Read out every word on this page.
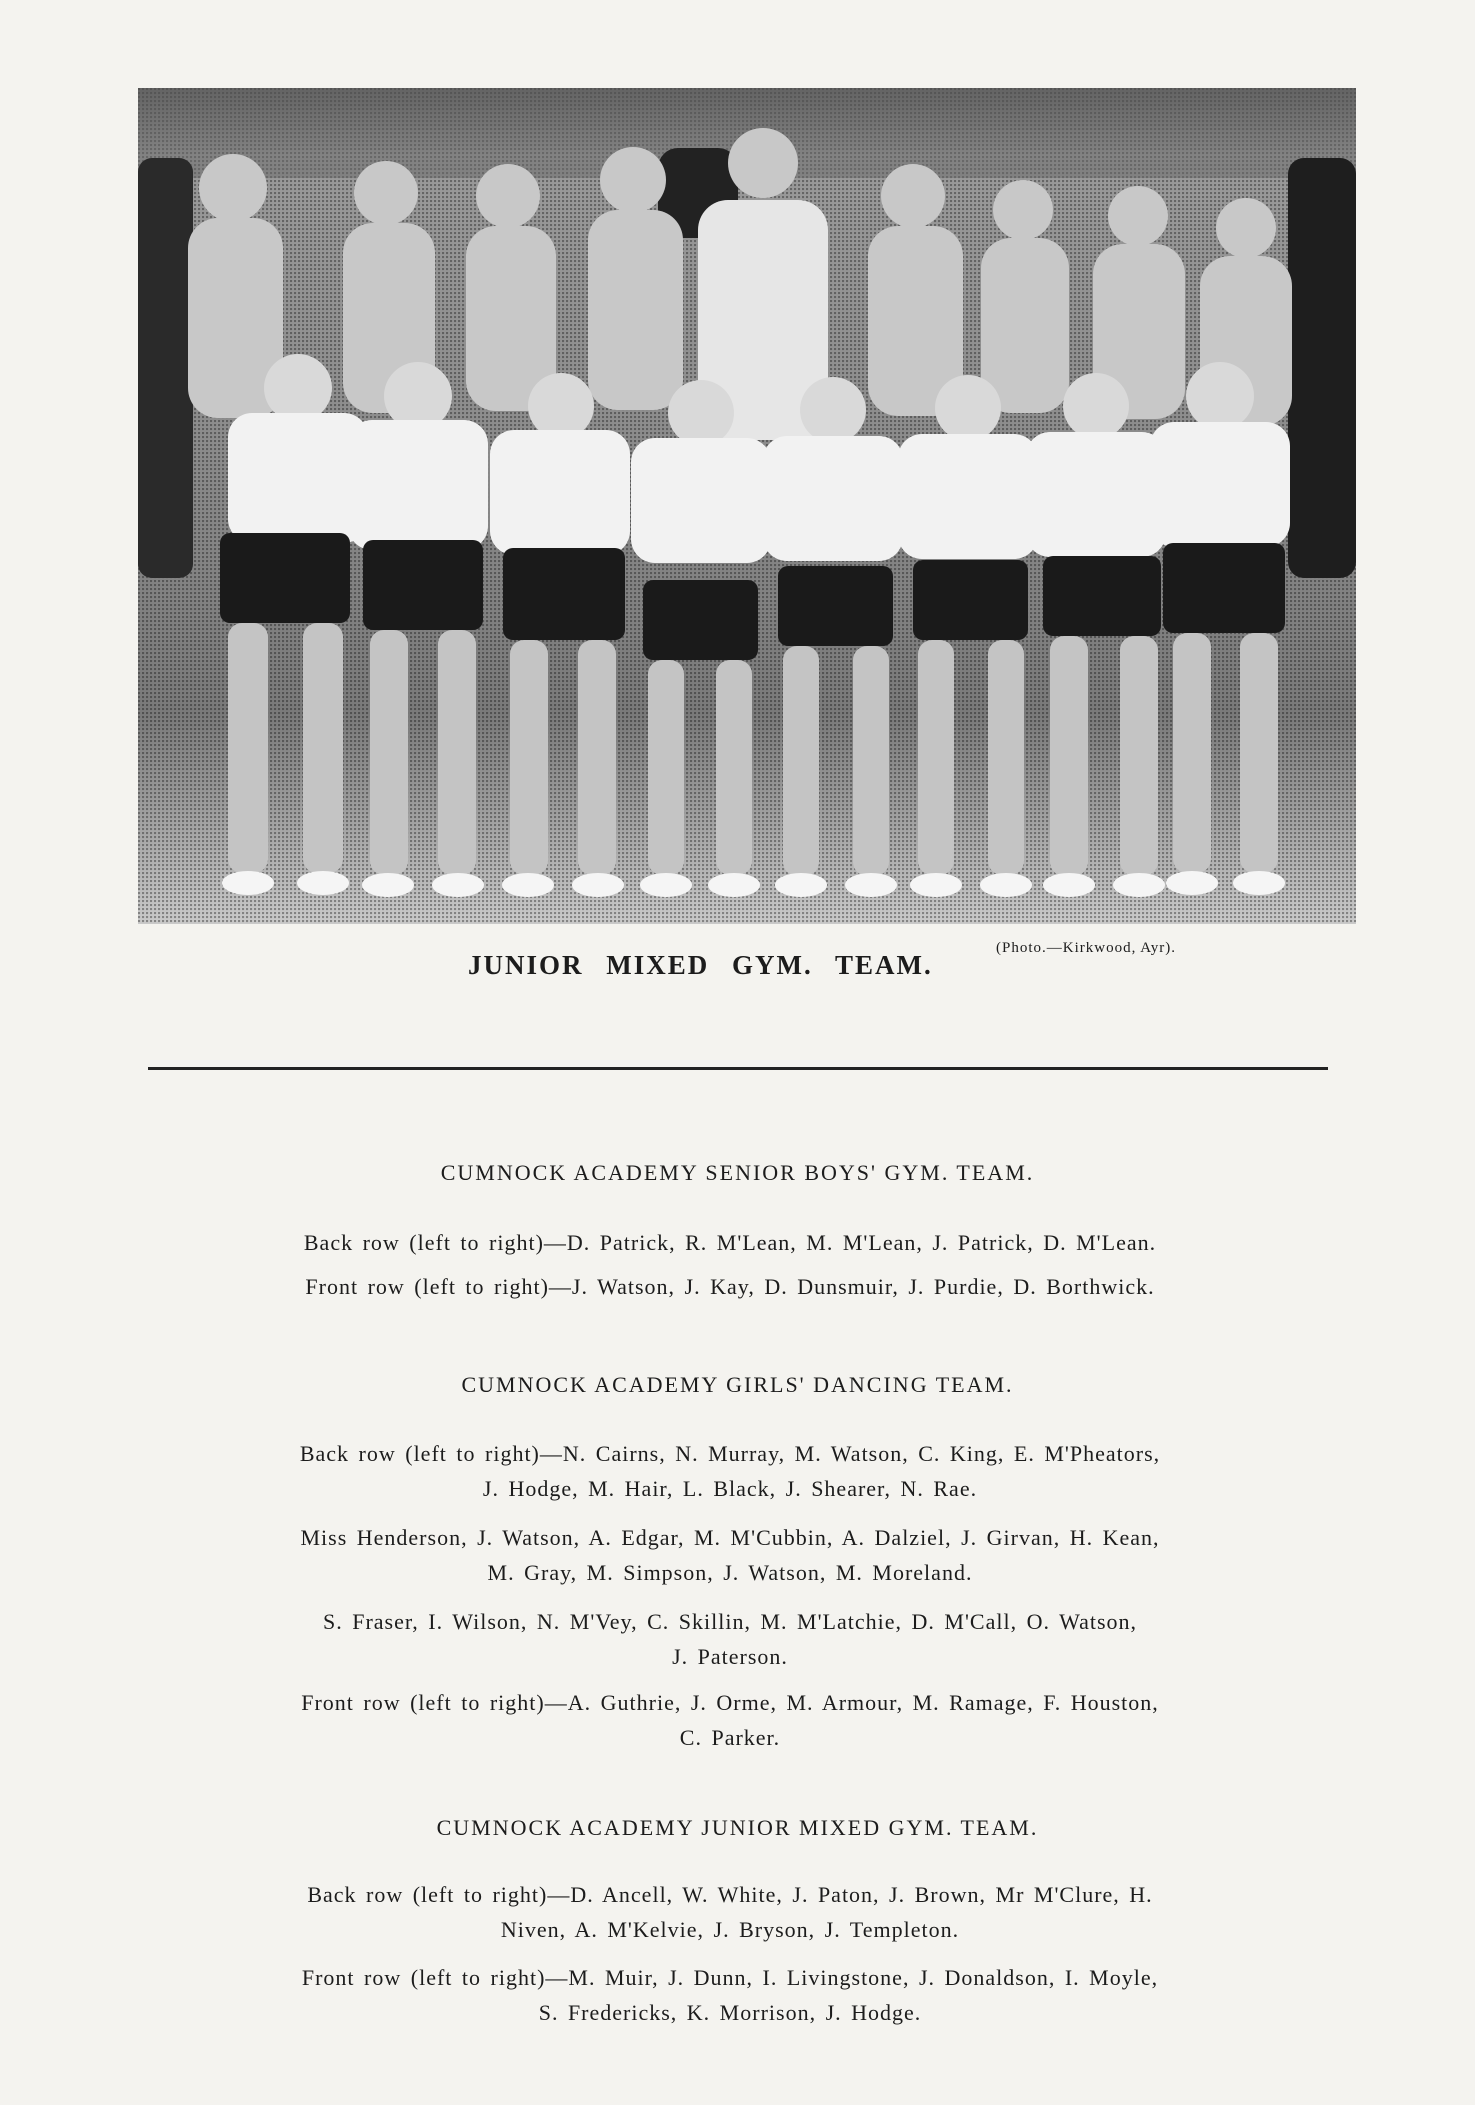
JUNIOR MIXED GYM. TEAM.
(Photo.—Kirkwood, Ayr).
CUMNOCK ACADEMY SENIOR BOYS' GYM. TEAM.
Back row (left to right)—D. Patrick, R. M'Lean, M. M'Lean, J. Patrick, D. M'Lean.
Front row (left to right)—J. Watson, J. Kay, D. Dunsmuir, J. Purdie, D. Borthwick.
CUMNOCK ACADEMY GIRLS' DANCING TEAM.
Back row (left to right)—N. Cairns, N. Murray, M. Watson, C. King, E. M'Pheators,
J. Hodge, M. Hair, L. Black, J. Shearer, N. Rae.
Miss Henderson, J. Watson, A. Edgar, M. M'Cubbin, A. Dalziel, J. Girvan, H. Kean,
M. Gray, M. Simpson, J. Watson, M. Moreland.
S. Fraser, I. Wilson, N. M'Vey, C. Skillin, M. M'Latchie, D. M'Call, O. Watson,
J. Paterson.
Front row (left to right)—A. Guthrie, J. Orme, M. Armour, M. Ramage, F. Houston,
C. Parker.
CUMNOCK ACADEMY JUNIOR MIXED GYM. TEAM.
Back row (left to right)—D. Ancell, W. White, J. Paton, J. Brown, Mr M'Clure, H.
Niven, A. M'Kelvie, J. Bryson, J. Templeton.
Front row (left to right)—M. Muir, J. Dunn, I. Livingstone, J. Donaldson, I. Moyle,
S. Fredericks, K. Morrison, J. Hodge.
